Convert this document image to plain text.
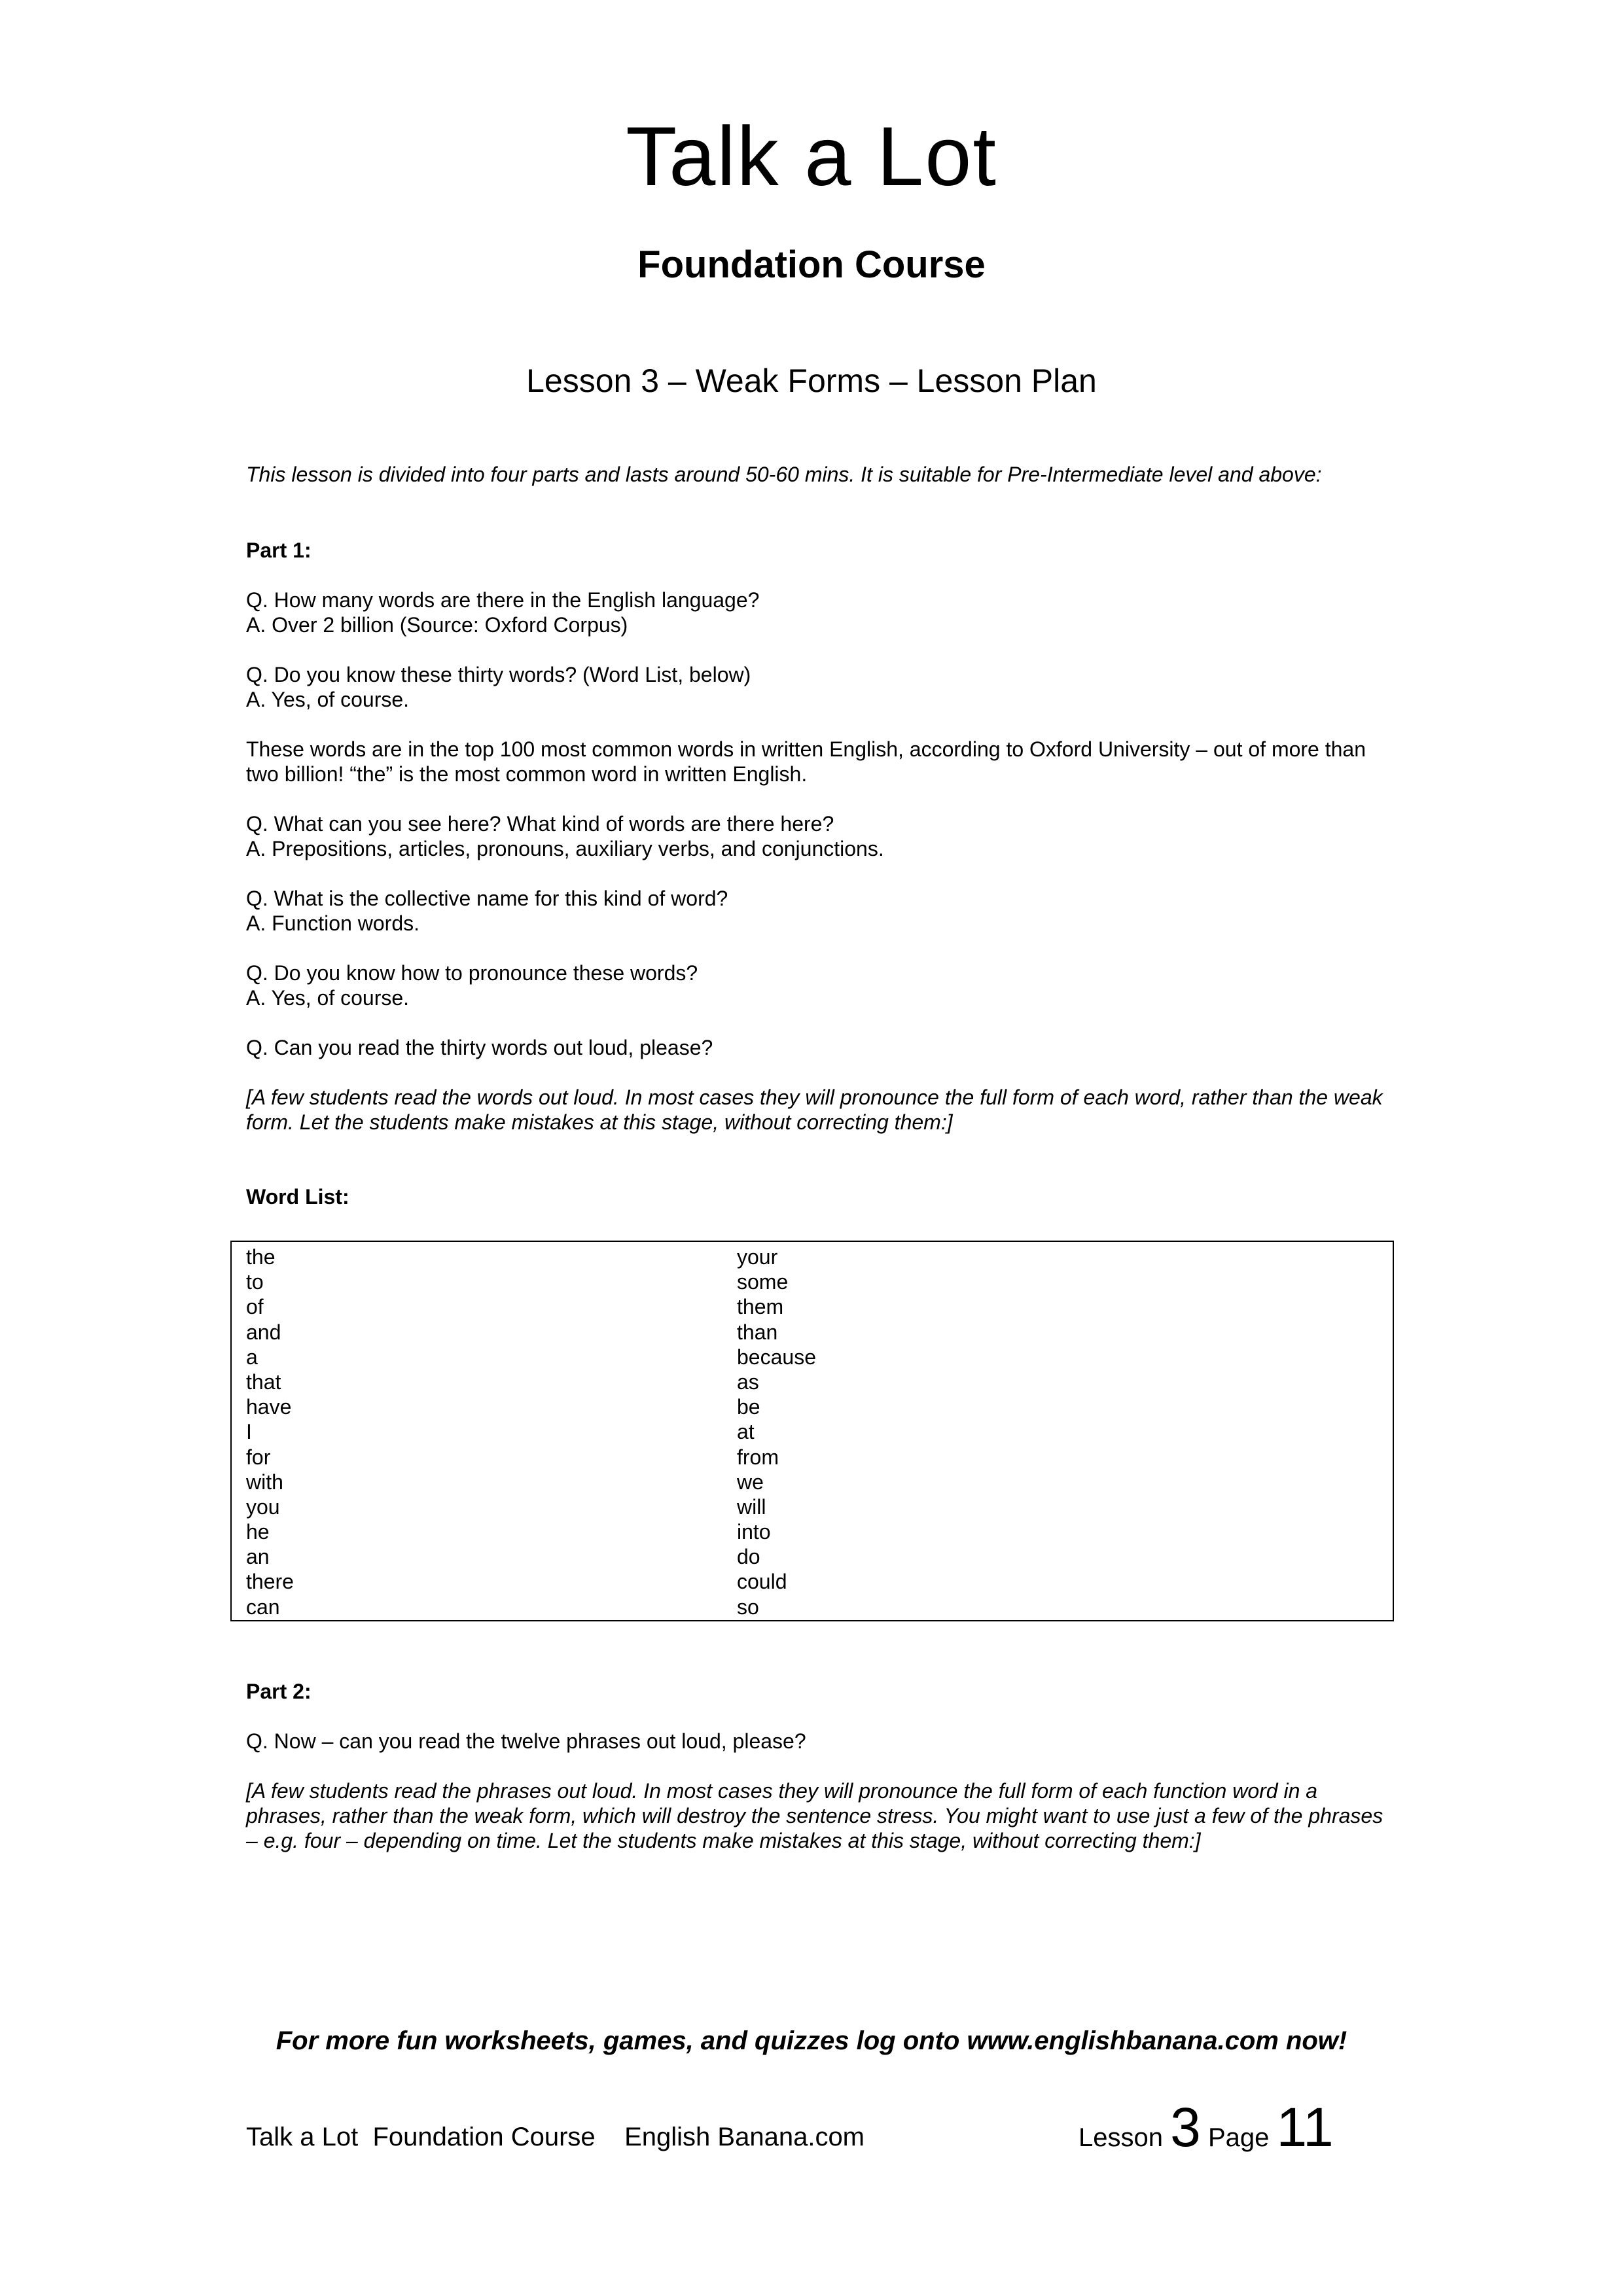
Talk a Lot
Foundation Course
Lesson 3 – Weak Forms – Lesson Plan

This lesson is divided into four parts and lasts around 50-60 mins. It is suitable for Pre-Intermediate level and above:

Part 1:

Q. How many words are there in the English language?

A. Over 2 billion (Source: Oxford Corpus)

Q. Do you know these thirty words? (Word List, below)

A. Yes, of course.

These words are in the top 100 most common words in written English, according to Oxford University – out of more than two billion! “the” is the most common word in written English.

Q. What can you see here? What kind of words are there here?

A. Prepositions, articles, pronouns, auxiliary verbs, and conjunctions.

Q. What is the collective name for this kind of word?

A. Function words.

Q. Do you know how to pronounce these words?

A. Yes, of course.

Q. Can you read the thirty words out loud, please?

[A few students read the words out loud. In most cases they will pronounce the full form of each word, rather than the weak form. Let the students make mistakes at this stage, without correcting them:]

Word List:

the
to
of
and
a
that
have
I
for
with
you
he
an
there
can
your
some
them
than
because
as
be
at
from
we
will
into
do
could
so

Part 2:

Q. Now – can you read the twelve phrases out loud, please?

[A few students read the phrases out loud. In most cases they will pronounce the full form of each function word in a phrases, rather than the weak form, which will destroy the sentence stress. You might want to use just a few of the phrases – e.g. four – depending on time. Let the students make mistakes at this stage, without correcting them:]

For more fun worksheets, games, and quizzes log onto www.englishbanana.com now!
Talk a Lot  Foundation Course English Banana.com	Lesson 3 Page 11
